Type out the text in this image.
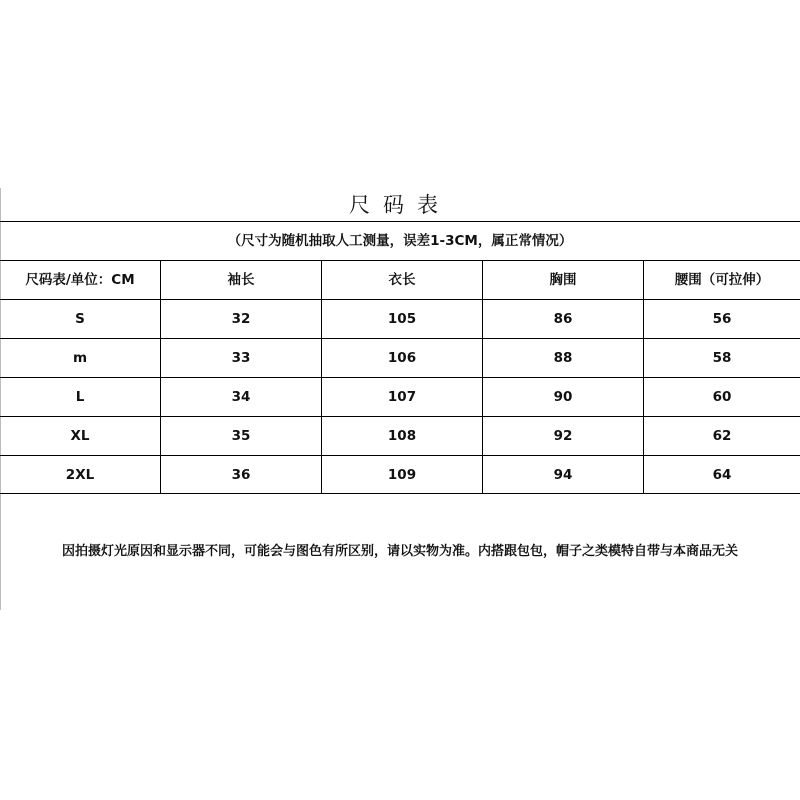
尺码表
（尺寸为随机抽取人工测量，误差1-3CM，属正常情况）
尺码表/单位：CM	袖长	衣长	胸围	腰围（可拉伸）
S	32	105	86	56
m	33	106	88	58
L	34	107	90	60
XL	35	108	92	62
2XL	36	109	94	64
因拍摄灯光原因和显示器不同，可能会与图色有所区别，请以实物为准。内搭跟包包，帽子之类模特自带与本商品无关
